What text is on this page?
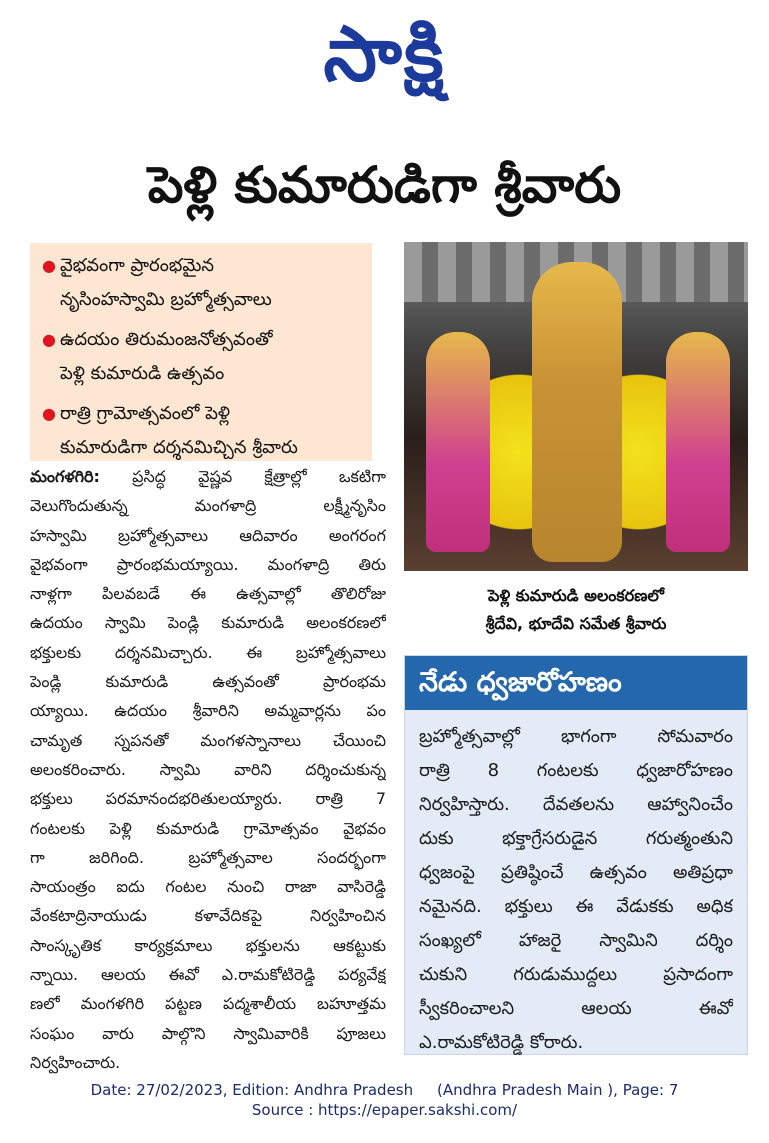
సాక్షి
పెళ్లి కుమారుడిగా శ్రీవారు
● వైభవంగా ప్రారంభమైన
నృసింహస్వామి బ్రహ్మోత్సవాలు
● ఉదయం తిరుమంజనోత్సవంతో
పెళ్లి కుమారుడి ఉత్సవం
● రాత్రి గ్రామోత్సవంలో పెళ్లి
కుమారుడిగా దర్శనమిచ్చిన శ్రీవారు
పెళ్లి కుమారుడి అలంకరణలో
శ్రీదేవి, భూదేవి సమేత శ్రీవారు
మంగళగిరి: ప్రసిద్ధ వైష్ణవ క్షేత్రాల్లో ఒకటిగా
వెలుగొందుతున్న మంగళాద్రి లక్ష్మీనృసిం
హస్వామి బ్రహ్మోత్సవాలు ఆదివారం అంగరంగ
వైభవంగా ప్రారంభమయ్యాయి. మంగళాద్రి తిరు
నాళ్లగా పిలవబడే ఈ ఉత్సవాల్లో తొలిరోజు
ఉదయం స్వామి పెండ్లి కుమారుడి అలంకరణలో
భక్తులకు దర్శనమిచ్చారు. ఈ బ్రహ్మోత్సవాలు
పెండ్లి కుమారుడి ఉత్సవంతో ప్రారంభమ
య్యాయి. ఉదయం శ్రీవారిని అమ్మవార్లను పం
చామృత స్నపనతో మంగళస్నానాలు చేయించి
అలంకరించారు. స్వామి వారిని దర్శించుకున్న
భక్తులు పరమానందభరితులయ్యారు. రాత్రి 7
గంటలకు పెళ్లి కుమారుడి గ్రామోత్సవం వైభవం
గా జరిగింది. బ్రహ్మోత్సవాల సందర్భంగా
సాయంత్రం ఐదు గంటల నుంచి రాజా వాసిరెడ్డి
వేంకటాద్రినాయుడు కళావేదికపై నిర్వహించిన
సాంస్కృతిక కార్యక్రమాలు భక్తులను ఆకట్టుకు
న్నాయి. ఆలయ ఈవో ఎ.రామకోటిరెడ్డి పర్యవేక్ష
ణలో మంగళగిరి పట్టణ పద్మశాలీయ బహూత్తమ
సంఘం వారు పాల్గొని స్వామివారికి పూజలు
నిర్వహించారు.
నేడు ధ్వజారోహణం
బ్రహ్మోత్సవాల్లో భాగంగా సోమవారం
రాత్రి 8 గంటలకు ధ్వజారోహణం
నిర్వహిస్తారు. దేవతలను ఆహ్వానించేం
దుకు భక్తాగ్రేసరుడైన గరుత్మంతుని
ధ్వజంపై ప్రతిష్ఠించే ఉత్సవం అతిప్రధా
నమైనది. భక్తులు ఈ వేడుకకు అధిక
సంఖ్యలో హాజరై స్వామిని దర్శిం
చుకుని గరుడుముద్దలు ప్రసాదంగా
స్వీకరించాలని ఆలయ ఈవో
ఎ.రామకోటిరెడ్డి కోరారు.
Date: 27/02/2023, Edition: Andhra Pradesh     (Andhra Pradesh Main ), Page: 7
Source : https://epaper.sakshi.com/
